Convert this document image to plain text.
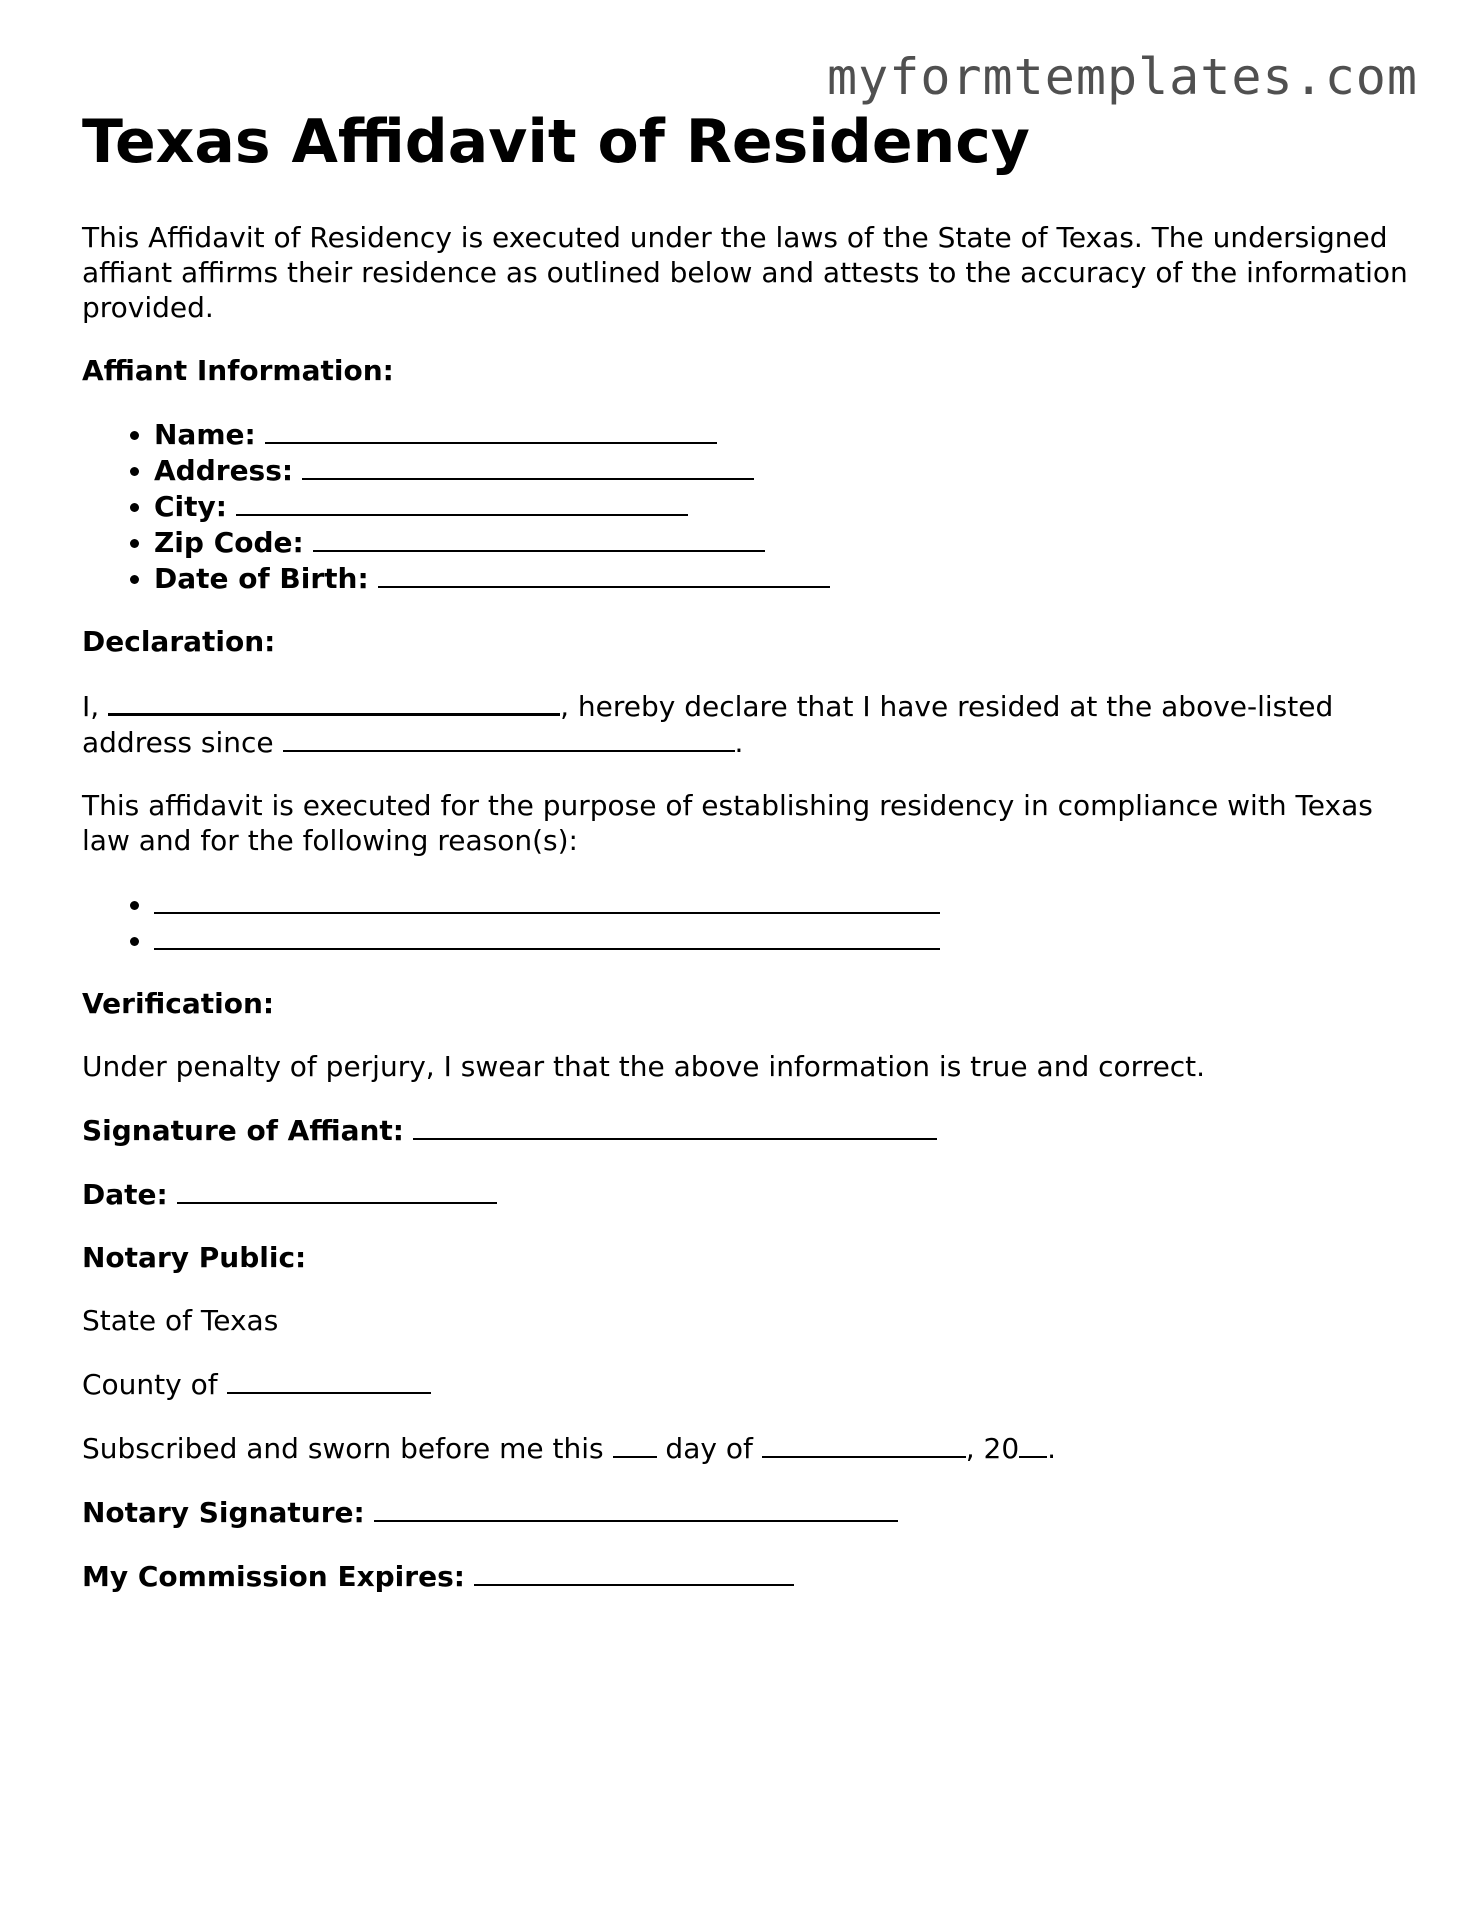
myformtemplates.com
Texas Affidavit of Residency

This Affidavit of Residency is executed under the laws of the State of Texas. The undersigned affiant affirms their residence as outlined below and attests to the accuracy of the information provided.

Affiant Information:

• Name:
• Address:
• City:
• Zip Code:
• Date of Birth:

Declaration:

I,	, hereby declare that I have resided at the above-listed address since	.

This affidavit is executed for the purpose of establishing residency in compliance with Texas law and for the following reason(s):

•
•

Verification:

Under penalty of perjury, I swear that the above information is true and correct.

Signature of Affiant:

Date:

Notary Public:

State of Texas

County of

Subscribed and sworn before me this day of	, 20 .

Notary Signature:

My Commission Expires:
